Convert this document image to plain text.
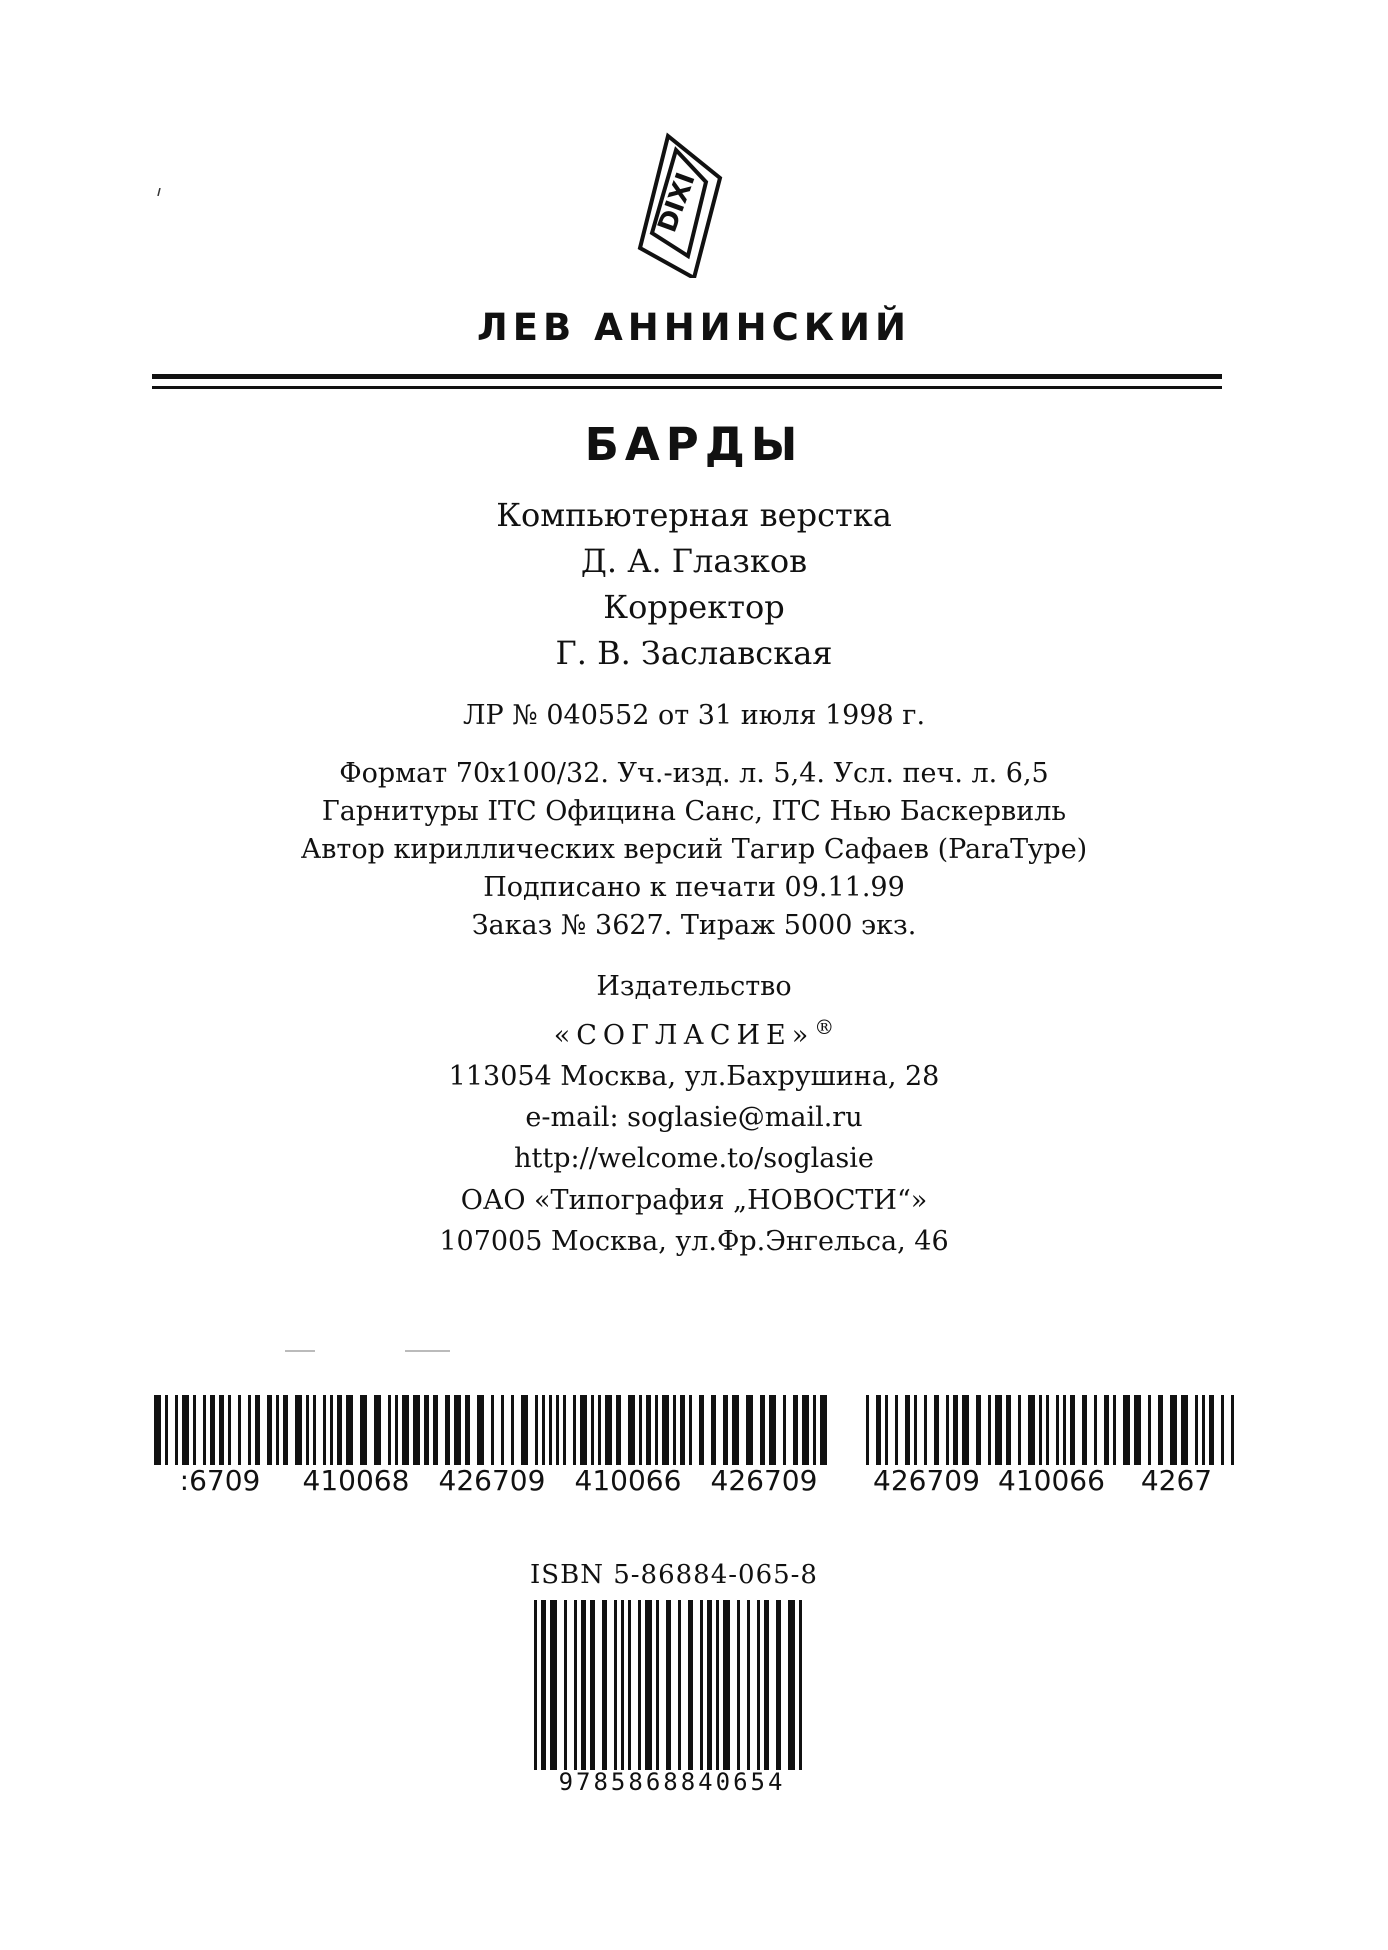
DIXI
ЛЕВ АННИНСКИЙ
БАРДЫ
Компьютерная верстка
Д. А. Глазков
Корректор
Г. В. Заславская
ЛР № 040552 от 31 июля 1998 г.
Формат 70x100/32. Уч.-изд. л. 5,4. Усл. печ. л. 6,5
Гарнитуры ITC Официна Санс, ITC Нью Баскервиль
Автор кириллических версий Тагир Сафаев (ParaType)
Подписано к печати 09.11.99
Заказ № 3627. Тираж 5000 экз.
Издательство
«СОГЛАСИЕ»®
113054 Москва, ул.Бахрушина, 28
e-mail: soglasie@mail.ru
http://welcome.to/soglasie
ОАО «Типография „НОВОСТИ“»
107005 Москва, ул.Фр.Энгельса, 46
:6709	410068	426709	410066	426709	426709 410066	4267
ISBN 5-86884-065-8
9785868840654
